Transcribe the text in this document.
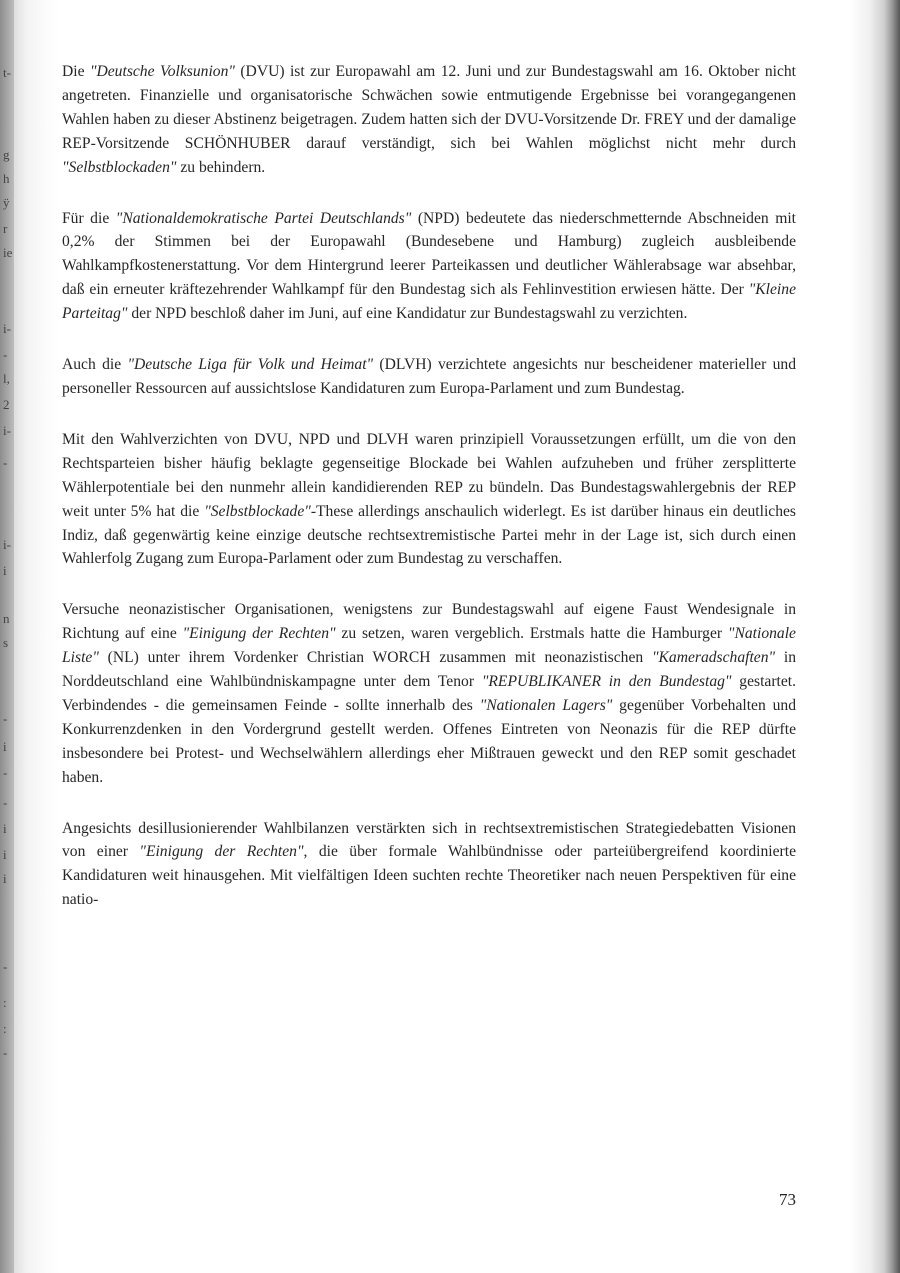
t-
g
h
ÿ
r
ie
i-
-
l,
2
i-
-
i-
i
n
s
-
i
-
-
i
i
i
-
:
:
-

Die "Deutsche Volksunion" (DVU) ist zur Europawahl am 12. Juni und zur Bundestagswahl am 16. Oktober nicht angetreten. Finanzielle und organisatorische Schwächen sowie entmutigende Ergebnisse bei vorangegangenen Wahlen haben zu dieser Abstinenz beigetragen. Zudem hatten sich der DVU-Vorsitzende Dr. FREY und der damalige REP-Vorsitzende SCHÖNHUBER darauf verständigt, sich bei Wahlen möglichst nicht mehr durch "Selbstblockaden" zu behindern.

Für die "Nationaldemokratische Partei Deutschlands" (NPD) bedeutete das niederschmetternde Abschneiden mit 0,2% der Stimmen bei der Europawahl (Bundesebene und Hamburg) zugleich ausbleibende Wahlkampfkostenerstattung. Vor dem Hintergrund leerer Parteikassen und deutlicher Wählerabsage war absehbar, daß ein erneuter kräftezehrender Wahlkampf für den Bundestag sich als Fehlinvestition erwiesen hätte. Der "Kleine Parteitag" der NPD beschloß daher im Juni, auf eine Kandidatur zur Bundestagswahl zu verzichten.

Auch die "Deutsche Liga für Volk und Heimat" (DLVH) verzichtete angesichts nur bescheidener materieller und personeller Ressourcen auf aussichtslose Kandidaturen zum Europa-Parlament und zum Bundestag.

Mit den Wahlverzichten von DVU, NPD und DLVH waren prinzipiell Voraussetzungen erfüllt, um die von den Rechtsparteien bisher häufig beklagte gegenseitige Blockade bei Wahlen aufzuheben und früher zersplitterte Wählerpotentiale bei den nunmehr allein kandidierenden REP zu bündeln. Das Bundestagswahlergebnis der REP weit unter 5% hat die "Selbstblockade"-These allerdings anschaulich widerlegt. Es ist darüber hinaus ein deutliches Indiz, daß gegenwärtig keine einzige deutsche rechtsextremistische Partei mehr in der Lage ist, sich durch einen Wahlerfolg Zugang zum Europa-Parlament oder zum Bundestag zu verschaffen.

Versuche neonazistischer Organisationen, wenigstens zur Bundestagswahl auf eigene Faust Wendesignale in Richtung auf eine "Einigung der Rechten" zu setzen, waren vergeblich. Erstmals hatte die Hamburger "Nationale Liste" (NL) unter ihrem Vordenker Christian WORCH zusammen mit neonazistischen "Kameradschaften" in Norddeutschland eine Wahlbündniskampagne unter dem Tenor "REPUBLIKANER in den Bundestag" gestartet. Verbindendes - die gemeinsamen Feinde - sollte innerhalb des "Nationalen Lagers" gegenüber Vorbehalten und Konkurrenzdenken in den Vordergrund gestellt werden. Offenes Eintreten von Neonazis für die REP dürfte insbesondere bei Protest- und Wechselwählern allerdings eher Mißtrauen geweckt und den REP somit geschadet haben.

Angesichts desillusionierender Wahlbilanzen verstärkten sich in rechtsextremistischen Strategiedebatten Visionen von einer "Einigung der Rechten", die über formale Wahlbündnisse oder parteiübergreifend koordinierte Kandidaturen weit hinausgehen. Mit vielfältigen Ideen suchten rechte Theoretiker nach neuen Perspektiven für eine natio-

73
